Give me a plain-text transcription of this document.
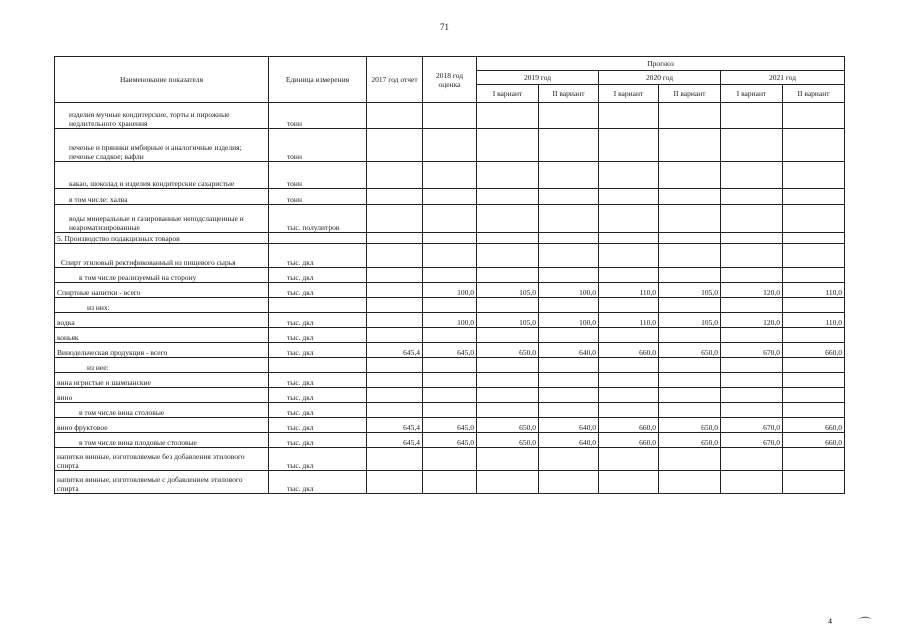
71
Наименование показателя	Единица измерения	2017 год отчет	2018 год оценка	Прогноз					
				2019 год		2020 год		2021 год	
				I вариант	II вариант	I вариант	II вариант	I вариант	II вариант
изделия мучные кондитерские, торты и пирожные недлительного хранения	тонн								
печенье и пряники имбирные и аналогичные изделия; печенье сладкое; вафли	тонн								
какао, шоколад и изделия кондитерские сахаристые	тонн								
в том числе: халва	тонн								
воды минеральные и газированные неподслащенные и неароматизированные	тыс. полулитров								
5. Производство подакцизных товаров									
Спирт этиловый ректификованный из пищевого сырья	тыс. дкл								
в том числе реализуемый на сторону	тыс. дкл								
Спиртные напитки - всего	тыс. дкл		100,0	105,0	100,0	110,0	105,0	120,0	110,0
из них:									
водка	тыс. дкл		100,0	105,0	100,0	110,0	105,0	120,0	110,0
коньяк	тыс. дкл								
Винодельческая продукция - всего	тыс. дкл	645,4	645,0	650,0	640,0	660,0	650,0	670,0	660,0
из нее:									
вина игристые и шампанские	тыс. дкл								
вино	тыс. дкл								
в том числе вина столовые	тыс. дкл								
вино фруктовое	тыс. дкл	645,4	645,0	650,0	640,0	660,0	650,0	670,0	660,0
в том числе вина плодовые столовые	тыс. дкл	645,4	645,0	650,0	640,0	660,0	650,0	670,0	660,0
напитки винные, изготовляемые без добавления этилового спирта	тыс. дкл								
напитки винные, изготовляемые с добавлением этилового спирта	тыс. дкл								
⁴ ⌒
